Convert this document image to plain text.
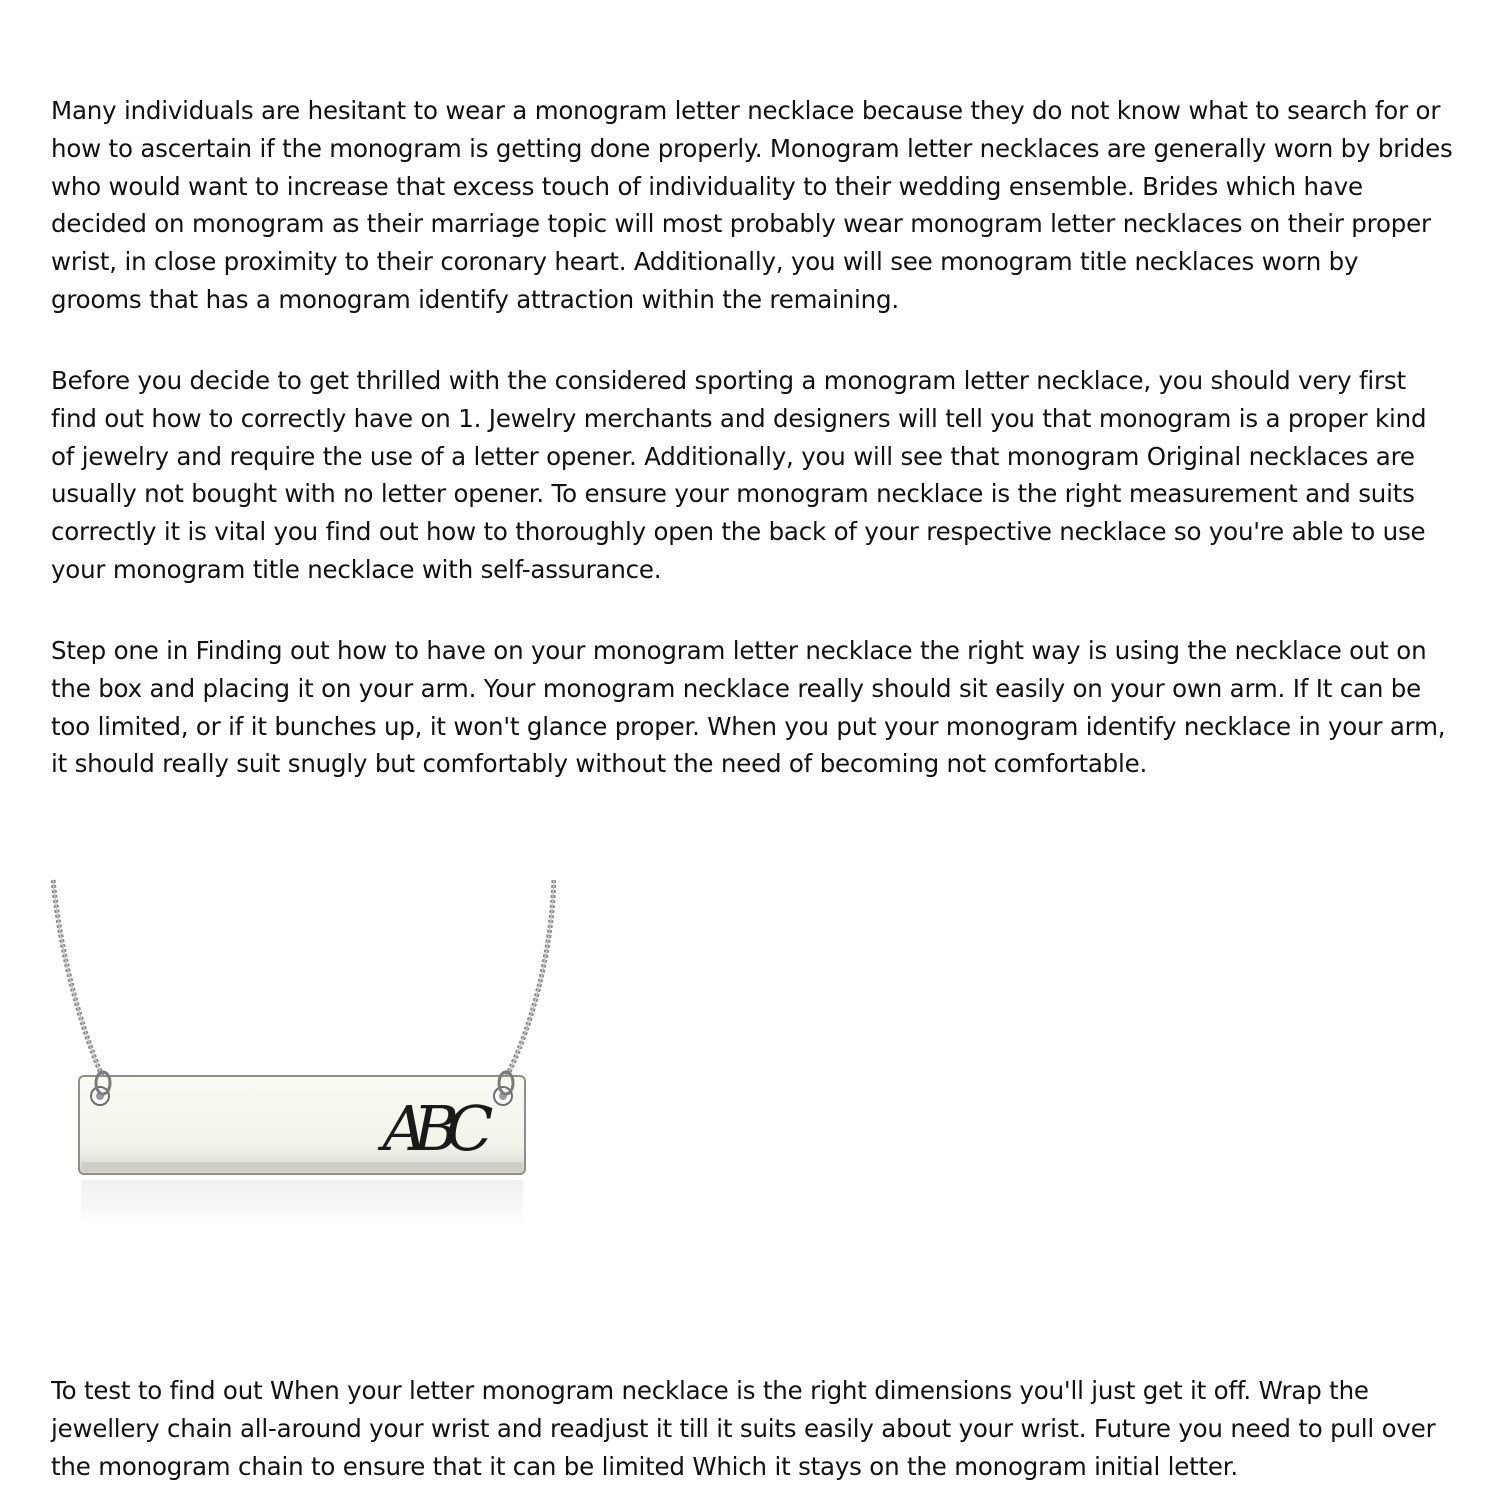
Many individuals are hesitant to wear a monogram letter necklace because they do not know what to search for or how to ascertain if the monogram is getting done properly. Monogram letter necklaces are generally worn by brides who would want to increase that excess touch of individuality to their wedding ensemble. Brides which have decided on monogram as their marriage topic will most probably wear monogram letter necklaces on their proper wrist, in close proximity to their coronary heart. Additionally, you will see monogram title necklaces worn by grooms that has a monogram identify attraction within the remaining.

Before you decide to get thrilled with the considered sporting a monogram letter necklace, you should very first find out how to correctly have on 1. Jewelry merchants and designers will tell you that monogram is a proper kind of jewelry and require the use of a letter opener. Additionally, you will see that monogram Original necklaces are usually not bought with no letter opener. To ensure your monogram necklace is the right measurement and suits correctly it is vital you find out how to thoroughly open the back of your respective necklace so you're able to use your monogram title necklace with self-assurance.

Step one in Finding out how to have on your monogram letter necklace the right way is using the necklace out on the box and placing it on your arm. Your monogram necklace really should sit easily on your own arm. If It can be too limited, or if it bunches up, it won't glance proper. When you put your monogram identify necklace in your arm, it should really suit snugly but comfortably without the need of becoming not comfortable.

To test to find out When your letter monogram necklace is the right dimensions you'll just get it off. Wrap the jewellery chain all-around your wrist and readjust it till it suits easily about your wrist. Future you need to pull over the monogram chain to ensure that it can be limited Which it stays on the monogram initial letter.

ABC
